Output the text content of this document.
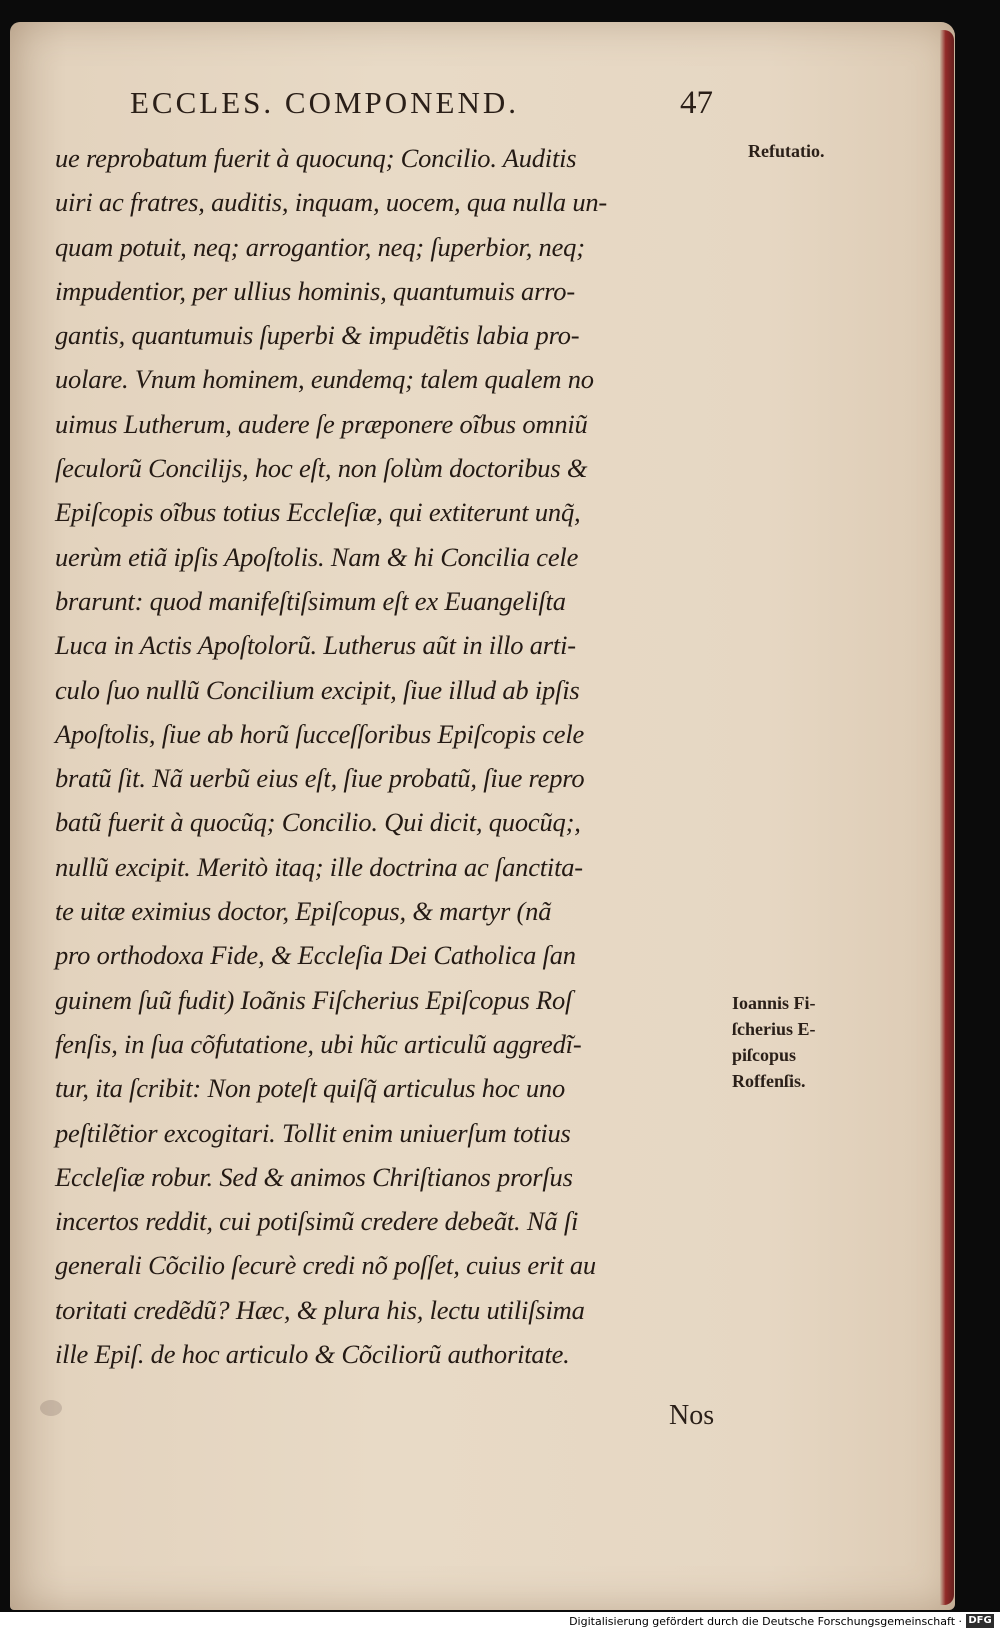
ECCLES. COMPONEND.	47
ue reprobatum fuerit à quocunq; Concilio. Auditis
uiri ac fratres, auditis, inquam, uocem, qua nulla un-
quam potuit, neq; arrogantior, neq; ſuperbior, neq;
impudentior, per ullius hominis, quantumuis arro-
gantis, quantumuis ſuperbi & impudẽtis labia pro-
uolare. Vnum hominem, eundemq; talem qualem no
uimus Lutherum, audere ſe præponere oĩbus omniũ
ſeculorũ Concilijs, hoc eſt, non ſolùm doctoribus &
Epiſcopis oĩbus totius Eccleſiæ, qui extiterunt unq̃,
uerùm etiã ipſis Apoſtolis. Nam & hi Concilia cele
brarunt: quod manifeſtiſsimum eſt ex Euangeliſta
Luca in Actis Apoſtolorũ. Lutherus aũt in illo arti-
culo ſuo nullũ Concilium excipit, ſiue illud ab ipſis
Apoſtolis, ſiue ab horũ ſucceſſoribus Epiſcopis cele
bratũ ſit. Nã uerbũ eius eſt, ſiue probatũ, ſiue repro
batũ fuerit à quocũq; Concilio. Qui dicit, quocũq;,
nullũ excipit. Meritò itaq; ille doctrina ac ſanctita-
te uitæ eximius doctor, Epiſcopus, & martyr (nã
pro orthodoxa Fide, & Eccleſia Dei Catholica ſan
guinem ſuũ fudit) Ioãnis Fiſcherius Epiſcopus Roſ
fenſis, in ſua cõfutatione, ubi hũc articulũ aggredĩ-
tur, ita ſcribit: Non poteſt quiſq̃ articulus hoc uno
peſtilẽtior excogitari. Tollit enim uniuerſum totius
Eccleſiæ robur. Sed & animos Chriſtianos prorſus
incertos reddit, cui potiſsimũ credere debeãt. Nã ſi
generali Cõcilio ſecurè credi nõ poſſet, cuius erit au
toritati credẽdũ? Hæc, & plura his, lectu utiliſsima
ille Epiſ. de hoc articulo & Cõciliorũ authoritate.
Refutatio.
Ioannis Fi-
ſcherius E-
piſcopus
Roffenſis.
Nos
Digitalisierung gefördert durch die Deutsche Forschungsgemeinschaft · DFG
